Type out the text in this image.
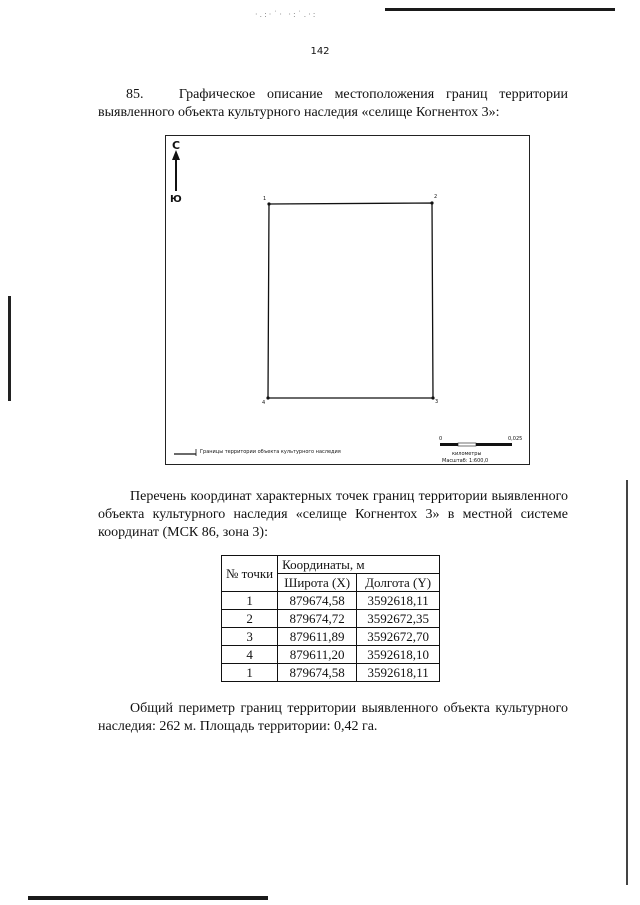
·.:·˙· ·:˙.·:
142
85.   Графическое описание местоположения границ территории выявленного объекта культурного наследия «селище Когнентох 3»:
С
Ю	1	2
3
4
Границы территории объекта культурного наследия
0	0,025
километры
Масштаб: 1:600,0
Перечень координат характерных точек границ территории выявленного объекта культурного наследия «селище Когнентох 3» в местной системе координат (МСК 86, зона 3):
№ точки	Координаты, м	
	Широта (X)	Долгота (Y)
1	879674,58	3592618,11
2	879674,72	3592672,35
3	879611,89	3592672,70
4	879611,20	3592618,10
1	879674,58	3592618,11
Общий периметр границ территории выявленного объекта культурного наследия: 262 м. Площадь территории: 0,42 га.
